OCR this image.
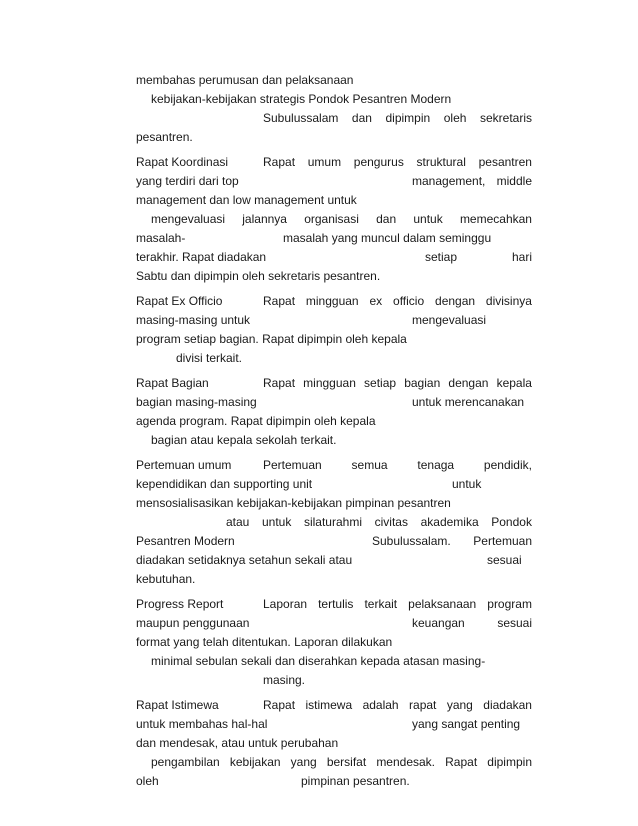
membahas perumusan dan pelaksanaan
kebijakan-kebijakan strategis Pondok Pesantren Modern
Subulussalam dan dipimpin oleh sekretaris
pesantren.
Rapat Koordinasi	Rapat umum pengurus struktural pesantren
yang terdiri dari top	management, middle
management dan low management untuk
mengevaluasi jalannya organisasi dan untuk memecahkan
masalah-	masalah yang muncul dalam seminggu
terakhir. Rapat diadakan	setiap	hari
Sabtu dan dipimpin oleh sekretaris pesantren.
Rapat Ex Officio	Rapat mingguan ex officio dengan divisinya
masing-masing untuk	mengevaluasi
program setiap bagian. Rapat dipimpin oleh kepala
divisi terkait.
Rapat Bagian	Rapat mingguan setiap bagian dengan kepala
bagian masing-masing	untuk merencanakan
agenda program. Rapat dipimpin oleh kepala
bagian atau kepala sekolah terkait.
Pertemuan umum	Pertemuan semua tenaga pendidik,
kependidikan dan supporting unit	untuk
mensosialisasikan kebijakan-kebijakan pimpinan pesantren
atau untuk silaturahmi civitas akademika Pondok
Pesantren Modern	Subulussalam. Pertemuan
diadakan setidaknya setahun sekali atau	sesuai
kebutuhan.
Progress Report	Laporan tertulis terkait pelaksanaan program
maupun penggunaan	keuangan	sesuai
format yang telah ditentukan. Laporan dilakukan
minimal sebulan sekali dan diserahkan kepada atasan masing-
masing.
Rapat Istimewa	Rapat istimewa adalah rapat yang diadakan
untuk membahas hal-hal	yang sangat penting
dan mendesak, atau untuk perubahan
pengambilan kebijakan yang bersifat mendesak. Rapat dipimpin
oleh	pimpinan pesantren.
